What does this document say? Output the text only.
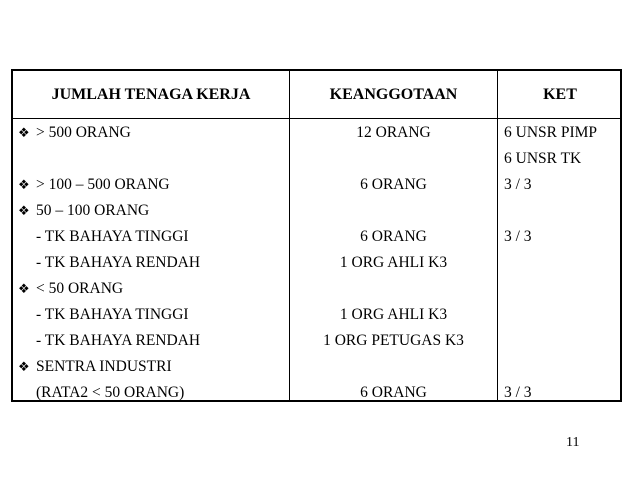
JUMLAH TENAGA KERJA	KEANGGOTAAN	KET
❖ > 500 ORANG
❖ > 100 – 500 ORANG
❖ 50 – 100 ORANG
- TK BAHAYA TINGGI
- TK BAHAYA RENDAH
❖ < 50 ORANG
- TK BAHAYA TINGGI
- TK BAHAYA RENDAH
❖ SENTRA INDUSTRI
(RATA2 < 50 ORANG)
12 ORANG
6 ORANG
6 ORANG
1 ORG AHLI K3
1 ORG AHLI K3
1 ORG PETUGAS K3
6 ORANG
6 UNSR PIMP
6 UNSR TK
3 / 3
3 / 3
3 / 3
11
